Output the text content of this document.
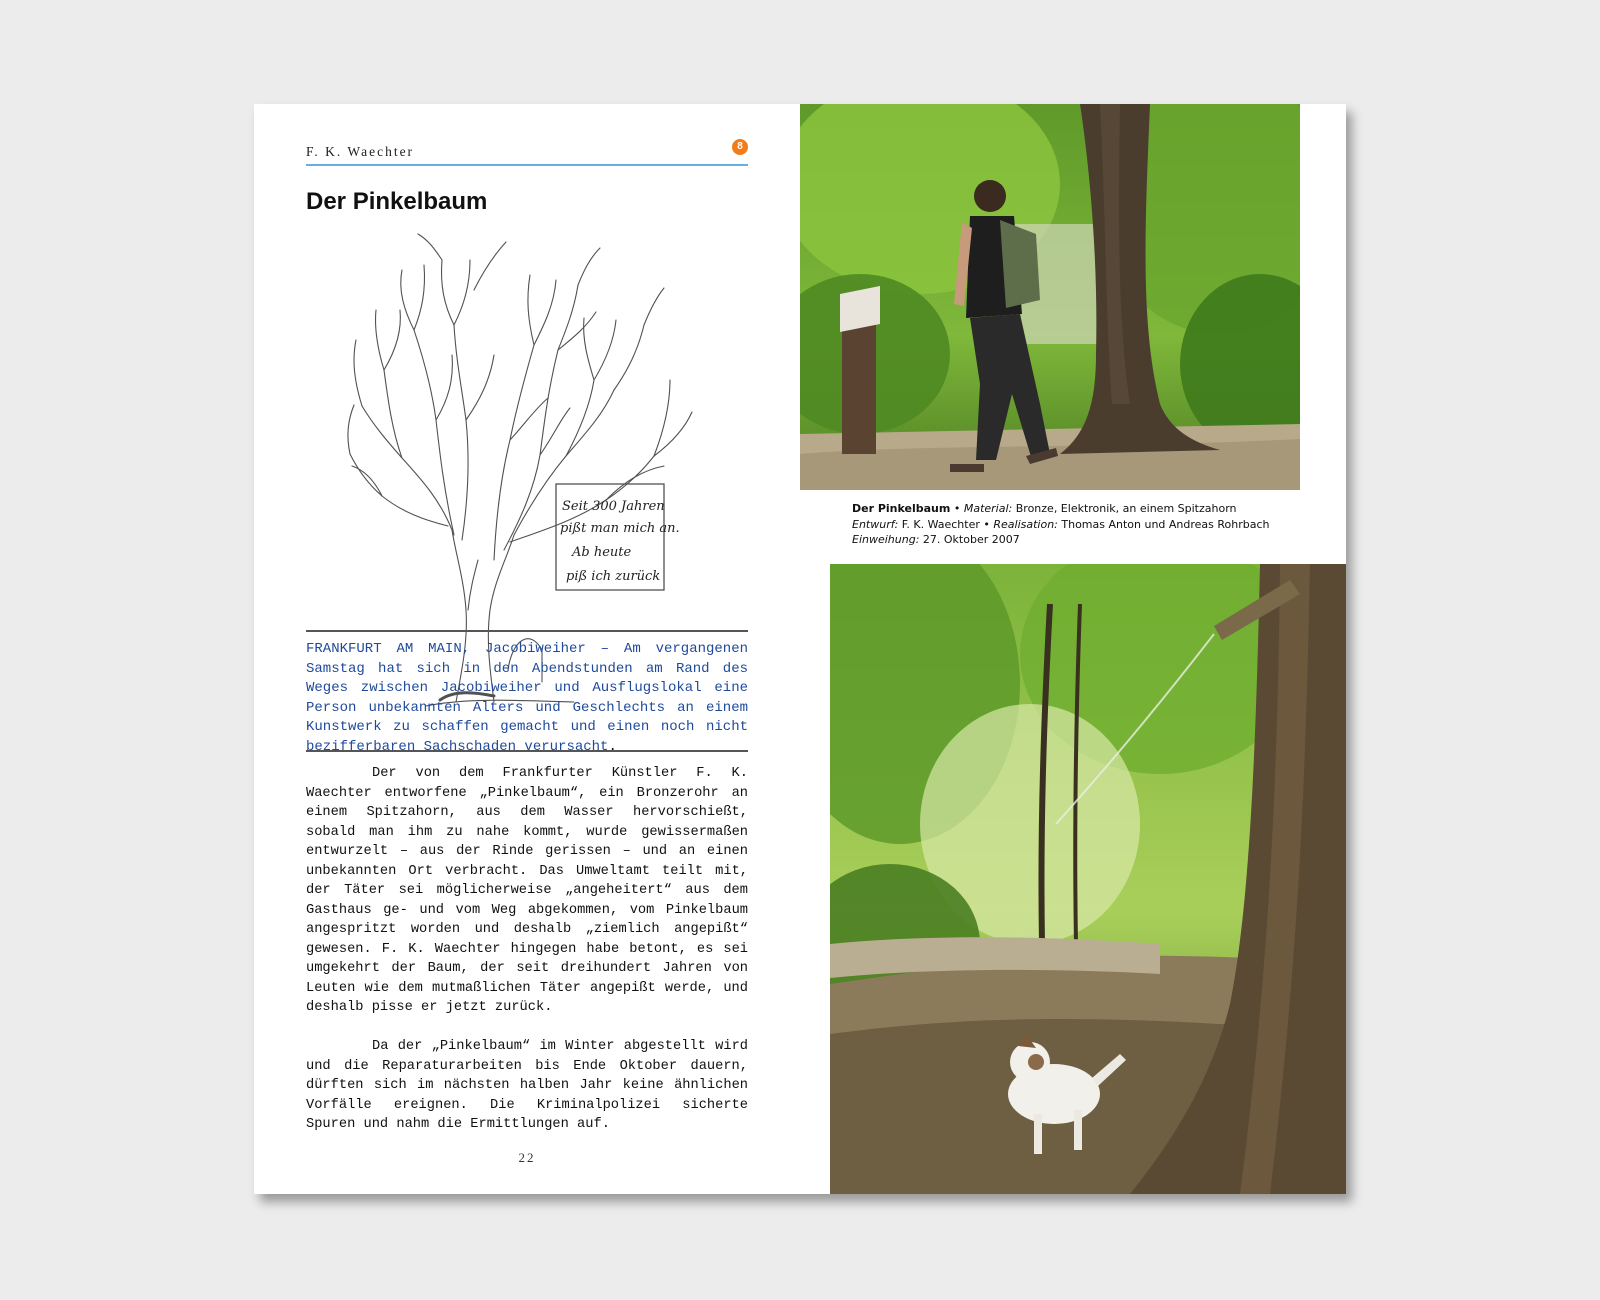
F. K. Waechter	8
Der Pinkelbaum
Seit 300 Jahren
pißt man mich an.
Ab heute
piß ich zurück

FRANKFURT AM MAIN, Jacobiweiher – Am vergangenen Samstag hat sich in den Abendstunden am Rand des Weges zwischen Jacobiweiher und Ausflugslokal eine Person unbekannten Alters und Geschlechts an einem Kunstwerk zu schaffen gemacht und einen noch nicht bezifferbaren Sachschaden verursacht.

Der von dem Frankfurter Künstler F. K. Waechter entworfene „Pinkelbaum“, ein Bronzerohr an einem Spitzahorn, aus dem Wasser hervorschießt, sobald man ihm zu nahe kommt, wurde gewissermaßen entwurzelt – aus der Rinde gerissen – und an einen unbekannten Ort verbracht. Das Umweltamt teilt mit, der Täter sei möglicherweise „angeheitert“ aus dem Gasthaus ge- und vom Weg abgekommen, vom Pinkelbaum angespritzt worden und deshalb „ziemlich angepißt“ gewesen. F. K. Waechter hingegen habe betont, es sei umgekehrt der Baum, der seit dreihundert Jahren von Leuten wie dem mutmaßlichen Täter angepißt werde, und deshalb pisse er jetzt zurück.

Da der „Pinkelbaum“ im Winter abgestellt wird und die Reparaturarbeiten bis Ende Oktober dauern, dürften sich im nächsten halben Jahr keine ähnlichen Vorfälle ereignen. Die Kriminalpolizei sicherte Spuren und nahm die Ermittlungen auf.

22
Der Pinkelbaum • Material: Bronze, Elektronik, an einem Spitzahorn
Entwurf: F. K. Waechter • Realisation: Thomas Anton und Andreas Rohrbach
Einweihung: 27. Oktober 2007
